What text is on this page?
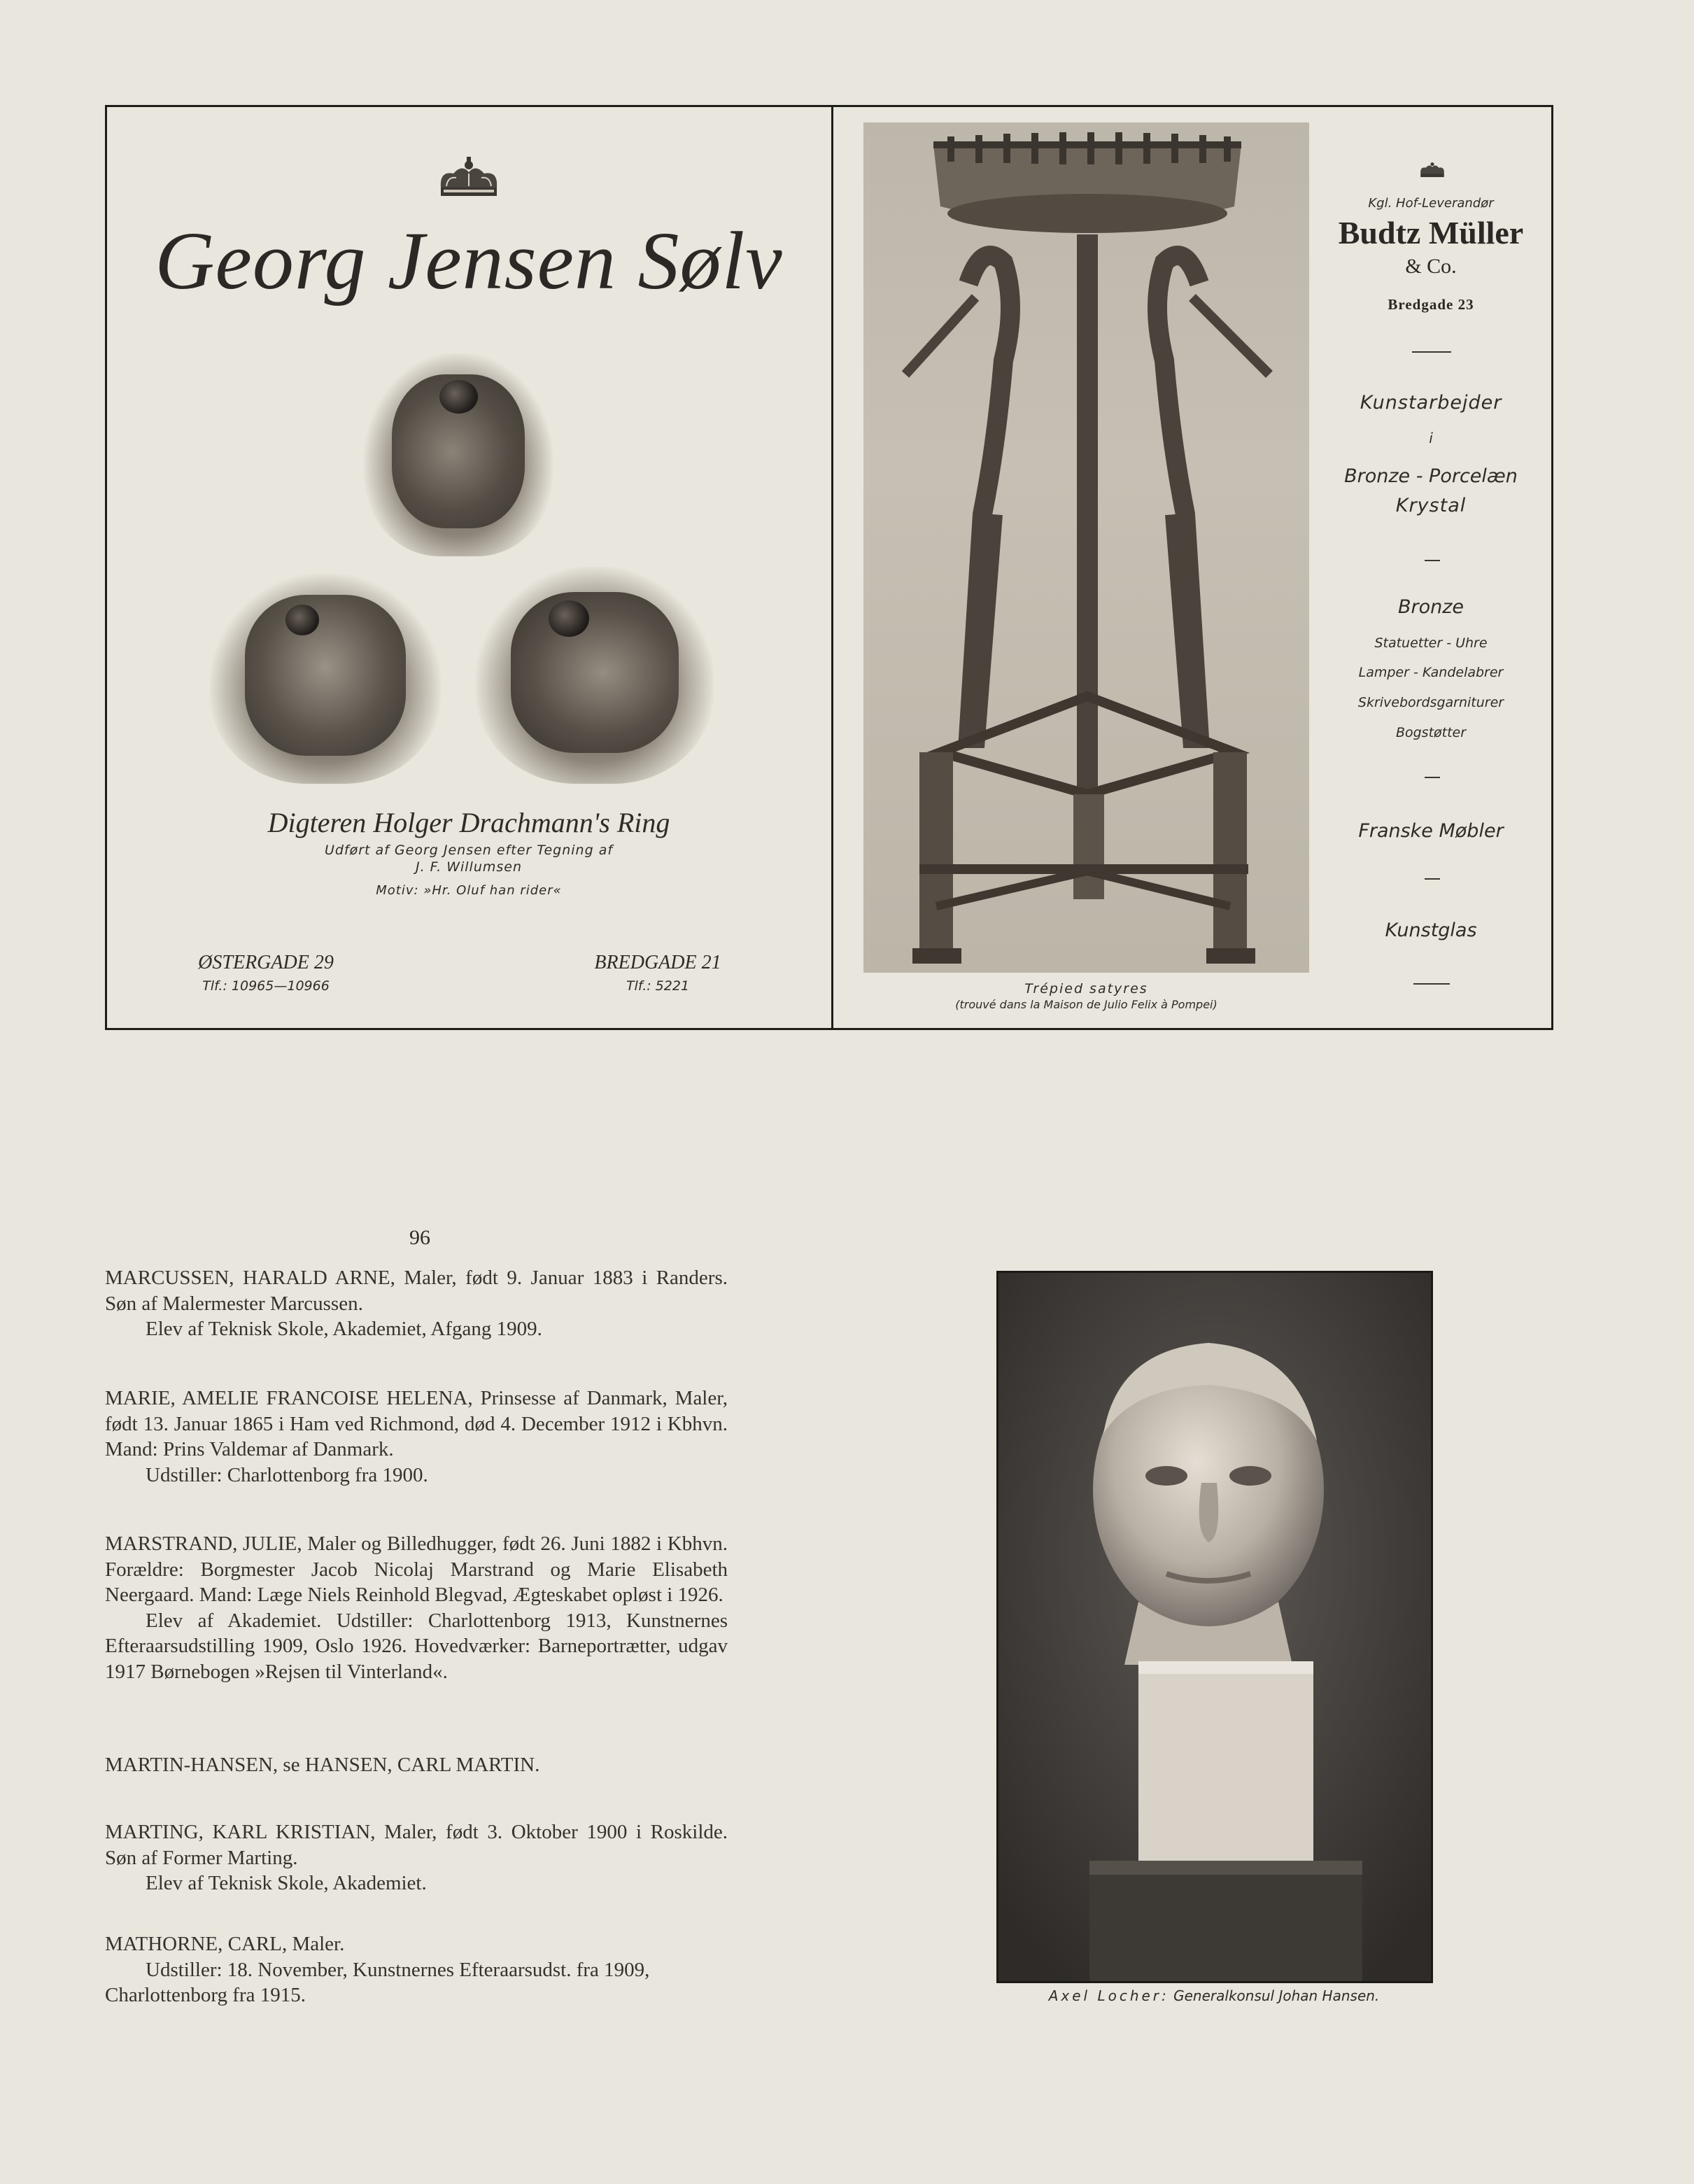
Georg Jensen Sølv
Digteren Holger Drachmann's Ring
Udført af Georg Jensen efter Tegning af
J. F. Willumsen
Motiv: »Hr. Oluf han rider«
ØSTERGADE 29
Tlf.: 10965—10966
BREDGADE 21
Tlf.: 5221	Trépied satyres
(trouvé dans la Maison de Julio Felix à Pompei)
Kgl. Hof-Leverandør
Budtz Müller
& Co.
Bredgade 23
Kunstarbejder
i
Bronze - Porcelæn
Krystal
Bronze
Statuetter - Uhre
Lamper - Kandelabrer
Skrivebordsgarniturer
Bogstøtter
Franske Møbler
Kunstglas
96
MARCUSSEN, HARALD ARNE, Maler, født 9. Januar 1883 i Randers. Søn af Malermester Marcussen.
Elev af Teknisk Skole, Akademiet, Afgang 1909.
MARIE, AMELIE FRANCOISE HELENA, Prinsesse af Danmark, Maler, født 13. Januar 1865 i Ham ved Richmond, død 4. December 1912 i Kbhvn. Mand: Prins Valdemar af Danmark.
Udstiller: Charlottenborg fra 1900.
MARSTRAND, JULIE, Maler og Billedhugger, født 26. Juni 1882 i Kbhvn. Forældre: Borgmester Jacob Nicolaj Marstrand og Marie Elisabeth Neergaard. Mand: Læge Niels Reinhold Blegvad, Ægteskabet opløst i 1926.
Elev af Akademiet. Udstiller: Charlottenborg 1913, Kunstnernes Efteraarsudstilling 1909, Oslo 1926. Hovedværker: Barneportrætter, udgav 1917 Børnebogen »Rejsen til Vinterland«.
MARTIN-HANSEN, se HANSEN, CARL MARTIN.
MARTING, KARL KRISTIAN, Maler, født 3. Oktober 1900 i Roskilde. Søn af Former Marting.
Elev af Teknisk Skole, Akademiet.
MATHORNE, CARL, Maler.
Udstiller: 18. November, Kunstnernes Efteraarsudst. fra 1909, Charlottenborg fra 1915.	Axel Locher: Generalkonsul Johan Hansen.
